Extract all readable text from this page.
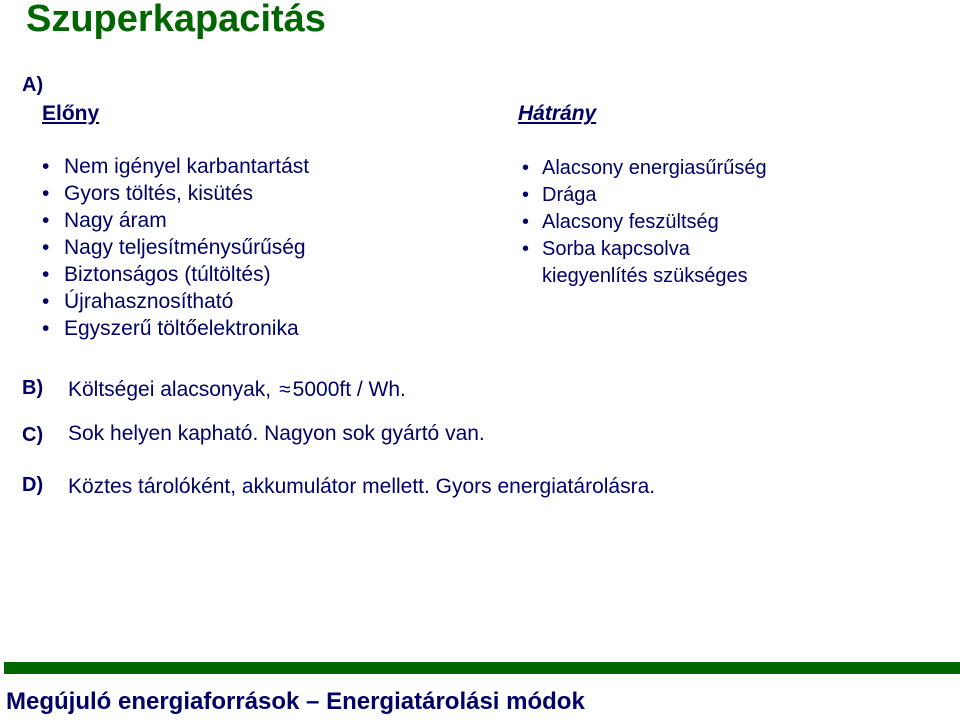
Szuperkapacitás
A)
Előny	Hátrány
• Nem igényel karbantartást
• Gyors töltés, kisütés
• Nagy áram
• Nagy teljesítménysűrűség
• Biztonságos (túltöltés)
• Újrahasznosítható
• Egyszerű töltőelektronika
• Alacsony energiasűrűség
• Drága
• Alacsony feszültség
• Sorba kapcsolva
kiegyenlítés szükséges
B) Költségei alacsonyak, ≈5000ft / Wh.
C) Sok helyen kapható. Nagyon sok gyártó van.
D) Köztes tárolóként, akkumulátor mellett. Gyors energiatárolásra.
Megújuló energiaforrások – Energiatárolási módok
